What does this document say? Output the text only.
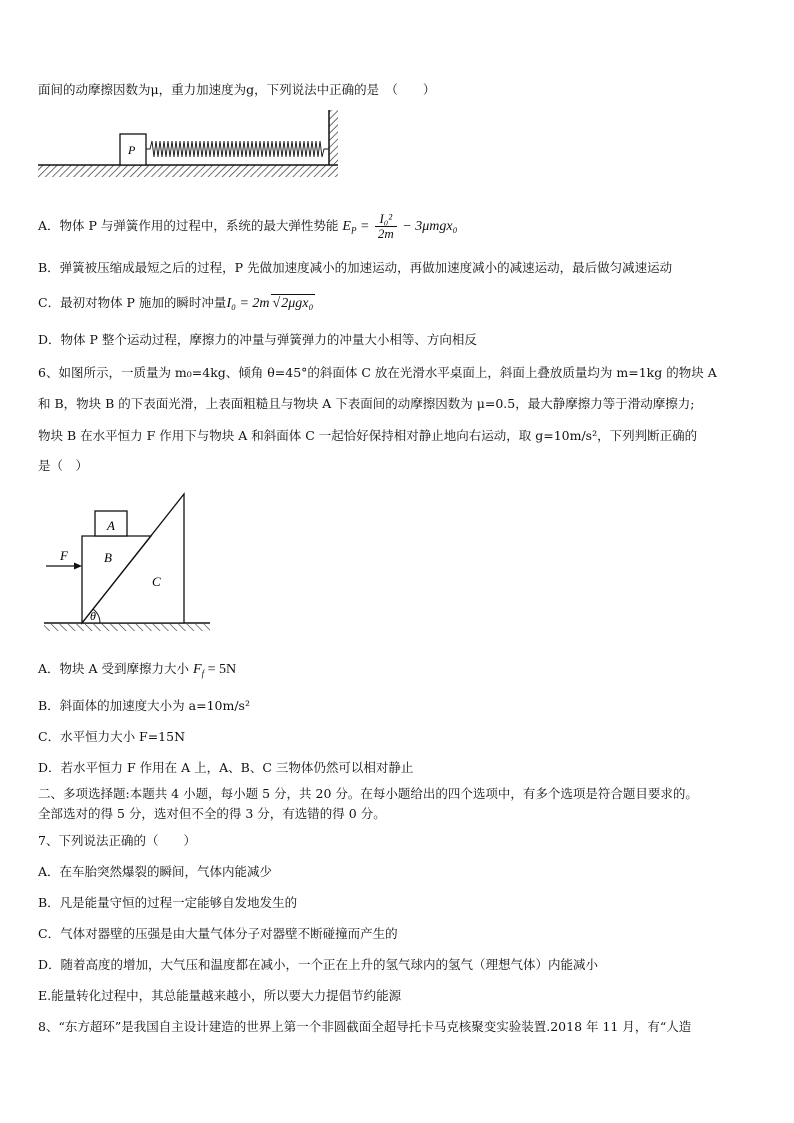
面间的动摩擦因数为μ，重力加速度为g，下列说法中正确的是　（　　）
P
A．物体 P 与弹簧作用的过程中，系统的最大弹性势能 $E_P = \frac{\text{I₀²}}{2m} - 3\mu mgx_0$
B．弹簧被压缩成最短之后的过程，P 先做加速度减小的加速运动，再做加速度减小的减速运动，最后做匀减速运动
C．最初对物体 P 施加的瞬时冲量I₀ = 2m √2μgx₀
D．物体 P 整个运动过程，摩擦力的冲量与弹簧弹力的冲量大小相等、方向相反
6、如图所示，一质量为 m₀=4kg、倾角 θ=45°的斜面体 C 放在光滑水平桌面上，斜面上叠放质量均为 m=1kg 的物块 A
和 B，物块 B 的下表面光滑，上表面粗糙且与物块 A 下表面间的动摩擦因数为 μ=0.5，最大静摩擦力等于滑动摩擦力;
物块 B 在水平恒力 F 作用下与物块 A 和斜面体 C 一起恰好保持相对静止地向右运动，取 g=10m/s²，下列判断正确的
是（　）
A
B
C
F
θ
A．物块 A 受到摩擦力大小 $F_f = 5N$
B．斜面体的加速度大小为 a=10m/s²
C．水平恒力大小 F=15N
D．若水平恒力 F 作用在 A 上，A、B、C 三物体仍然可以相对静止
二、多项选择题:本题共 4 小题，每小题 5 分，共 20 分。在每小题给出的四个选项中，有多个选项是符合题目要求的。
全部选对的得 5 分，选对但不全的得 3 分，有选错的得 0 分。
7、下列说法正确的（　　）
A．在车胎突然爆裂的瞬间，气体内能减少
B．凡是能量守恒的过程一定能够自发地发生的
C．气体对器壁的压强是由大量气体分子对器壁不断碰撞而产生的
D．随着高度的增加，大气压和温度都在减小，一个正在上升的氢气球内的氢气（理想气体）内能减小
E.能量转化过程中，其总能量越来越小，所以要大力提倡节约能源
8、“东方超环”是我国自主设计建造的世界上第一个非圆截面全超导托卡马克核聚变实验装置.2018 年 11 月，有“人造
